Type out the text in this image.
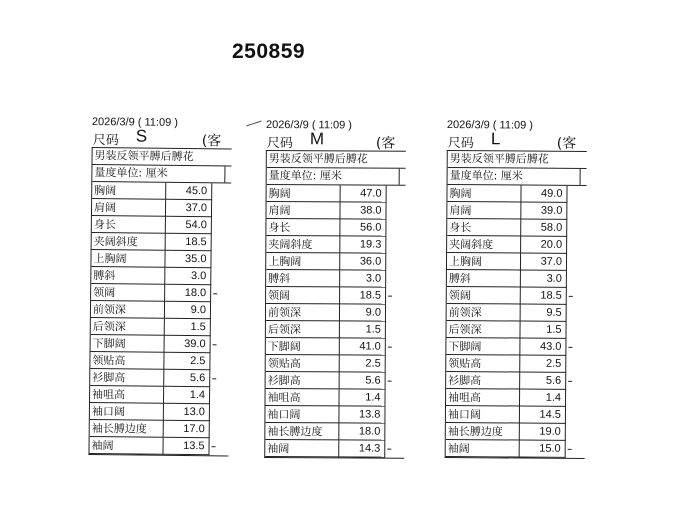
250859
2026/3/9 ( 11:09 )
尺码 S	(客
男装反领平膊后膊花
量度单位: 厘米
胸阔	45.0
肩阔	37.0
身长	54.0
夹阔斜度	18.5
上胸阔	35.0
膊斜	3.0
领阔	18.0
前领深	9.0
后领深	1.5
下脚阔	39.0
领贴高	2.5
衫脚高	5.6
袖咀高	1.4
袖口阔	13.0
袖长膊边度	17.0
袖阔	13.5
2026/3/9 ( 11:09 )
尺码 M	(客
男装反领平膊后膊花
量度单位: 厘米
胸阔	47.0
肩阔	38.0
身长	56.0
夹阔斜度	19.3
上胸阔	36.0
膊斜	3.0
领阔	18.5
前领深	9.0
后领深	1.5
下脚阔	41.0
领贴高	2.5
衫脚高	5.6
袖咀高	1.4
袖口阔	13.8
袖长膊边度	18.0
袖阔	14.3
2026/3/9 ( 11:09 )
尺码 L	(客
男装反领平膊后膊花
量度单位: 厘米
胸阔	49.0
肩阔	39.0
身长	58.0
夹阔斜度	20.0
上胸阔	37.0
膊斜	3.0
领阔	18.5
前领深	9.5
后领深	1.5
下脚阔	43.0
领贴高	2.5
衫脚高	5.6
袖咀高	1.4
袖口阔	14.5
袖长膊边度	19.0
袖阔	15.0
